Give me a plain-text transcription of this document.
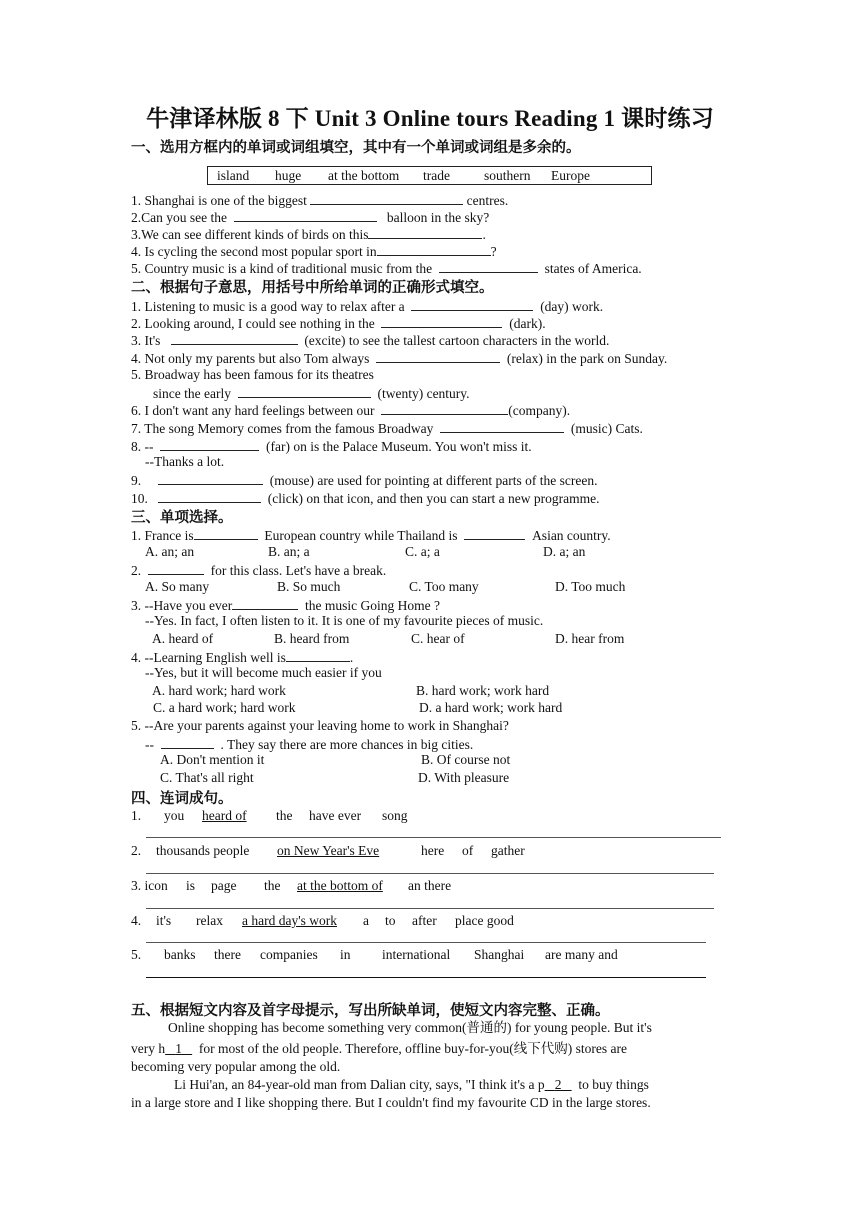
牛津译林版 8 下 Unit 3 Online tours Reading 1 课时练习
一、选用方框内的单词或词组填空，其中有一个单词或词组是多余的。
island huge at the bottom trade	southern Europe
1. Shanghai is one of the biggest	centres.
2.Can you see the	balloon in the sky?
3.We can see different kinds of birds on this	.
4. Is cycling the second most popular sport in	?
5. Country music is a kind of traditional music from the	states of America.
二、根据句子意思，用括号中所给单词的正确形式填空。
1. Listening to music is a good way to relax after a	(day) work.
2. Looking around, I could see nothing in the	(dark).
3. It's	(excite) to see the tallest cartoon characters in the world.
4. Not only my parents but also Tom always	(relax) in the park on Sunday.
5. Broadway has been famous for its theatres
since the early	(twenty) century.
6. I don't want any hard feelings between our	(company).
7. The song Memory comes from the famous Broadway	(music) Cats.
8. --	(far) on is the Palace Museum. You won't miss it.
--Thanks a lot.
9.	(mouse) are used for pointing at different parts of the screen.
10.	(click) on that icon, and then you can start a new programme.
三、单项选择。
1. France is	European country while Thailand is	Asian country.
A. an; an	B. an; a	C. a; a	D. a; an
2.	for this class. Let's have a break.
A. So many	B. So much	C. Too many	D. Too much
3. --Have you ever	the music Going Home ?
--Yes. In fact, I often listen to it. It is one of my favourite pieces of music.
A. heard of	B. heard from	C. hear of	D. hear from
4. --Learning English well is	.
--Yes, but it will become much easier if you
A. hard work; hard work	B. hard work; work hard
C. a hard work; hard work	D. a hard work; work hard
5. --Are your parents against your leaving home to work in Shanghai?
--	. They say there are more chances in big cities.
A. Don't mention it	B. Of course not
C. That's all right	D. With pleasure
四、连词成句。
1. you heard of the have ever song
2. thousands people on New Year's Eve	here of gather
3. icon is page the at the bottom of an there
4. it's relax a hard day's work a to after place good
5. banks there companies in international Shanghai are many and
五、根据短文内容及首字母提示，写出所缺单词，使短文内容完整、正确。
Online shopping has become something very common(普通的) for young people. But it's
very h 1 for most of the old people. Therefore, offline buy-for-you(线下代购) stores are
becoming very popular among the old.
Li Hui'an, an 84-year-old man from Dalian city, says, "I think it's a p 2 to buy things
in a large store and I like shopping there. But I couldn't find my favourite CD in the large stores.
